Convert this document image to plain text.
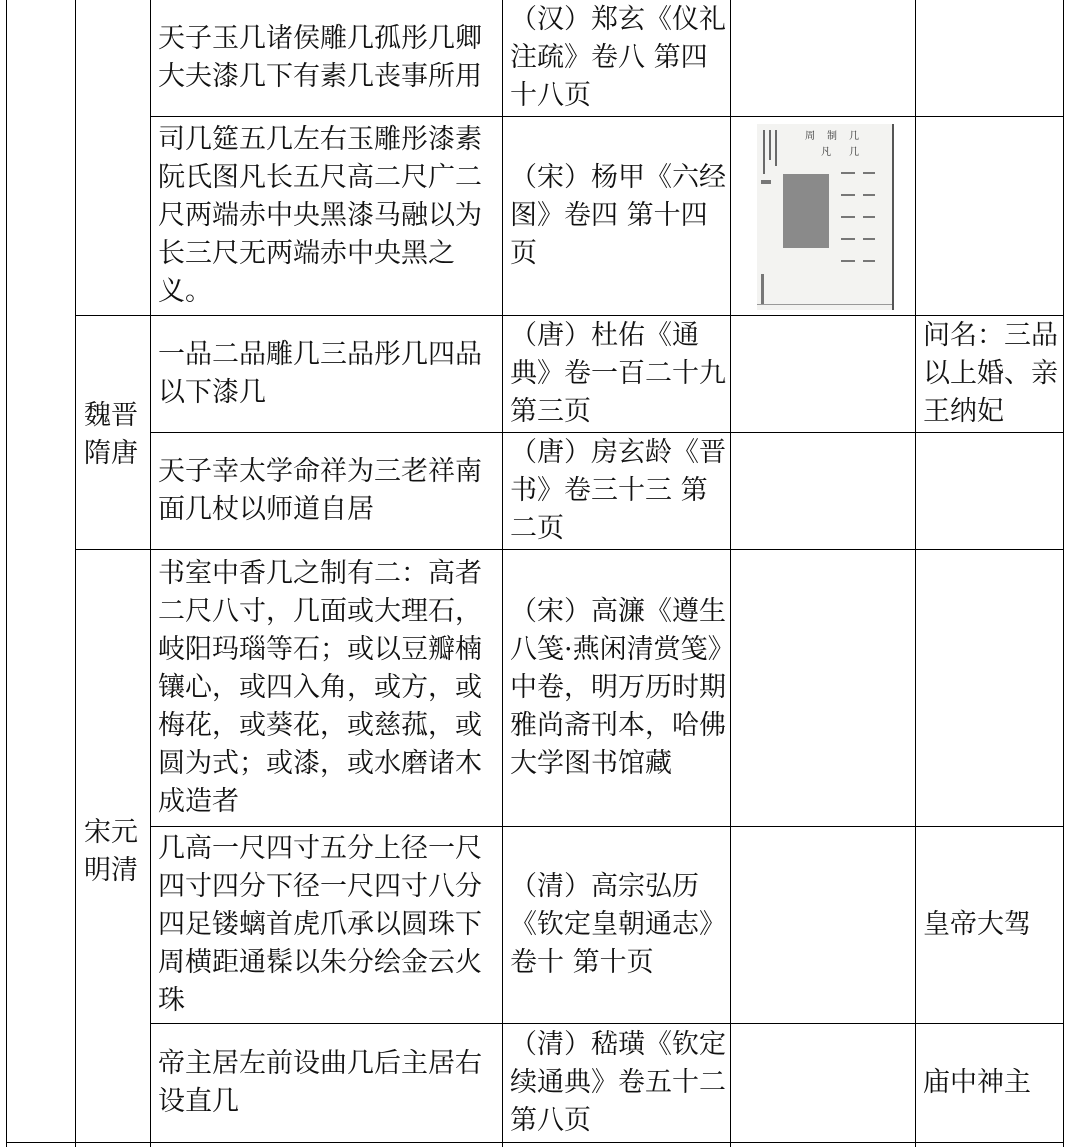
魏晋隋唐
宋元明清
天子玉几诸侯雕几孤彤几卿大夫漆几下有素几丧事所用
（汉）郑玄《仪礼注疏》卷八 第四十八页
司几筵五几左右玉雕彤漆素阮氏图凡长五尺高二尺广二尺两端赤中央黑漆马融以为长三尺无两端赤中央黑之义。
（宋）杨甲《六经图》卷四 第十四页
周 制 几
凡 几
一品二品雕几三品彤几四品以下漆几
（唐）杜佑《通典》卷一百二十九 第三页
问名：三品以上婚、亲王纳妃
天子幸太学命祥为三老祥南面几杖以师道自居
（唐）房玄龄《晋书》卷三十三 第二页
书室中香几之制有二：高者二尺八寸，几面或大理石，岐阳玛瑙等石；或以豆瓣楠镶心，或四入角，或方，或梅花，或葵花，或慈菰，或圆为式；或漆，或水磨诸木成造者
（宋）高濂《遵生八笺·燕闲清赏笺》中卷，明万历时期雅尚斋刊本，哈佛大学图书馆藏
几高一尺四寸五分上径一尺四寸四分下径一尺四寸八分四足镂螭首虎爪承以圆珠下周横距通髹以朱分绘金云火珠
（清）高宗弘历《钦定皇朝通志》卷十 第十页
皇帝大驾
帝主居左前设曲几后主居右设直几
（清）嵇璜《钦定续通典》卷五十二 第八页
庙中神主
